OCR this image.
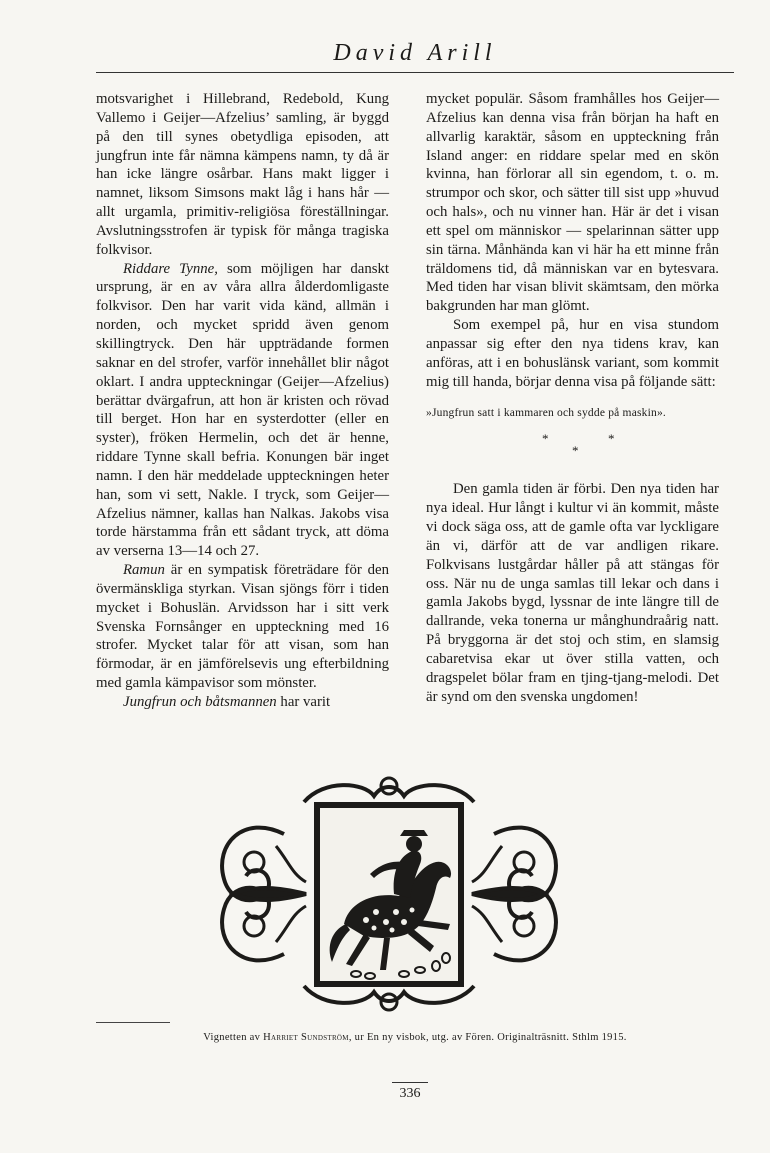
David Arill

motsvarighet i Hillebrand, Redebold, Kung Vallemo i Geijer—Afzelius’ samling, är byggd på den till synes obetydliga episoden, att jungfrun inte får nämna kämpens namn, ty då är han icke längre osårbar. Hans makt ligger i namnet, liksom Simsons makt låg i hans hår — allt urgamla, primitiv-religiösa föreställningar. Avslutningsstrofen är typisk för många tragiska folkvisor.

Riddare Tynne, som möjligen har danskt ursprung, är en av våra allra ålderdomligaste folkvisor. Den har varit vida känd, allmän i norden, och mycket spridd även genom skillingtryck. Den här uppträdande formen saknar en del strofer, varför innehållet blir något oklart. I andra uppteckningar (Geijer—Afzelius) berättar dvärgafrun, att hon är kristen och rövad till berget. Hon har en systerdotter (eller en syster), fröken Hermelin, och det är henne, riddare Tynne skall befria. Konungen bär inget namn. I den här meddelade uppteckningen heter han, som vi sett, Nakle. I tryck, som Geijer—Afzelius nämner, kallas han Nalkas. Jakobs visa torde härstamma från ett sådant tryck, att döma av verserna 13—14 och 27.

Ramun är en sympatisk företrädare för den övermänskliga styrkan. Visan sjöngs förr i tiden mycket i Bohuslän. Arvidsson har i sitt verk Svenska Fornsånger en uppteckning med 16 strofer. Mycket talar för att visan, som han förmodar, är en jämförelsevis ung efterbildning med gamla kämpavisor som mönster.

Jungfrun och båtsmannen har varit

mycket populär. Såsom framhålles hos Geijer—Afzelius kan denna visa från början ha haft en allvarlig karaktär, såsom en uppteckning från Island anger: en riddare spelar med en skön kvinna, han förlorar all sin egendom, t. o. m. strumpor och skor, och sätter till sist upp »huvud och hals», och nu vinner han. Här är det i visan ett spel om människor — spelarinnan sätter upp sin tärna. Månhända kan vi här ha ett minne från träldomens tid, då människan var en bytesvara. Med tiden har visan blivit skämtsam, den mörka bakgrunden har man glömt.

Som exempel på, hur en visa stundom anpassar sig efter den nya tidens krav, kan anföras, att i en bohuslänsk variant, som kommit mig till handa, börjar denna visa på följande sätt:

»Jungfrun satt i kammaren och sydde på maskin».

*
*
*

Den gamla tiden är förbi. Den nya tiden har nya ideal. Hur långt i kultur vi än kommit, måste vi dock säga oss, att de gamle ofta var lyckligare än vi, därför att de var andligen rikare. Folkvisans lustgårdar håller på att stängas för oss. När nu de unga samlas till lekar och dans i gamla Jakobs bygd, lyssnar de inte längre till de dallrande, veka tonerna ur månghundraårig natt. På bryggorna är det stoj och stim, en slamsig cabaretvisa ekar ut över stilla vatten, och dragspelet bölar fram en tjing-tjang-melodi. Det är synd om den svenska ungdomen!

Vignetten av Harriet Sundström, ur En ny visbok, utg. av Fören. Originalträsnitt. Sthlm 1915.
336
